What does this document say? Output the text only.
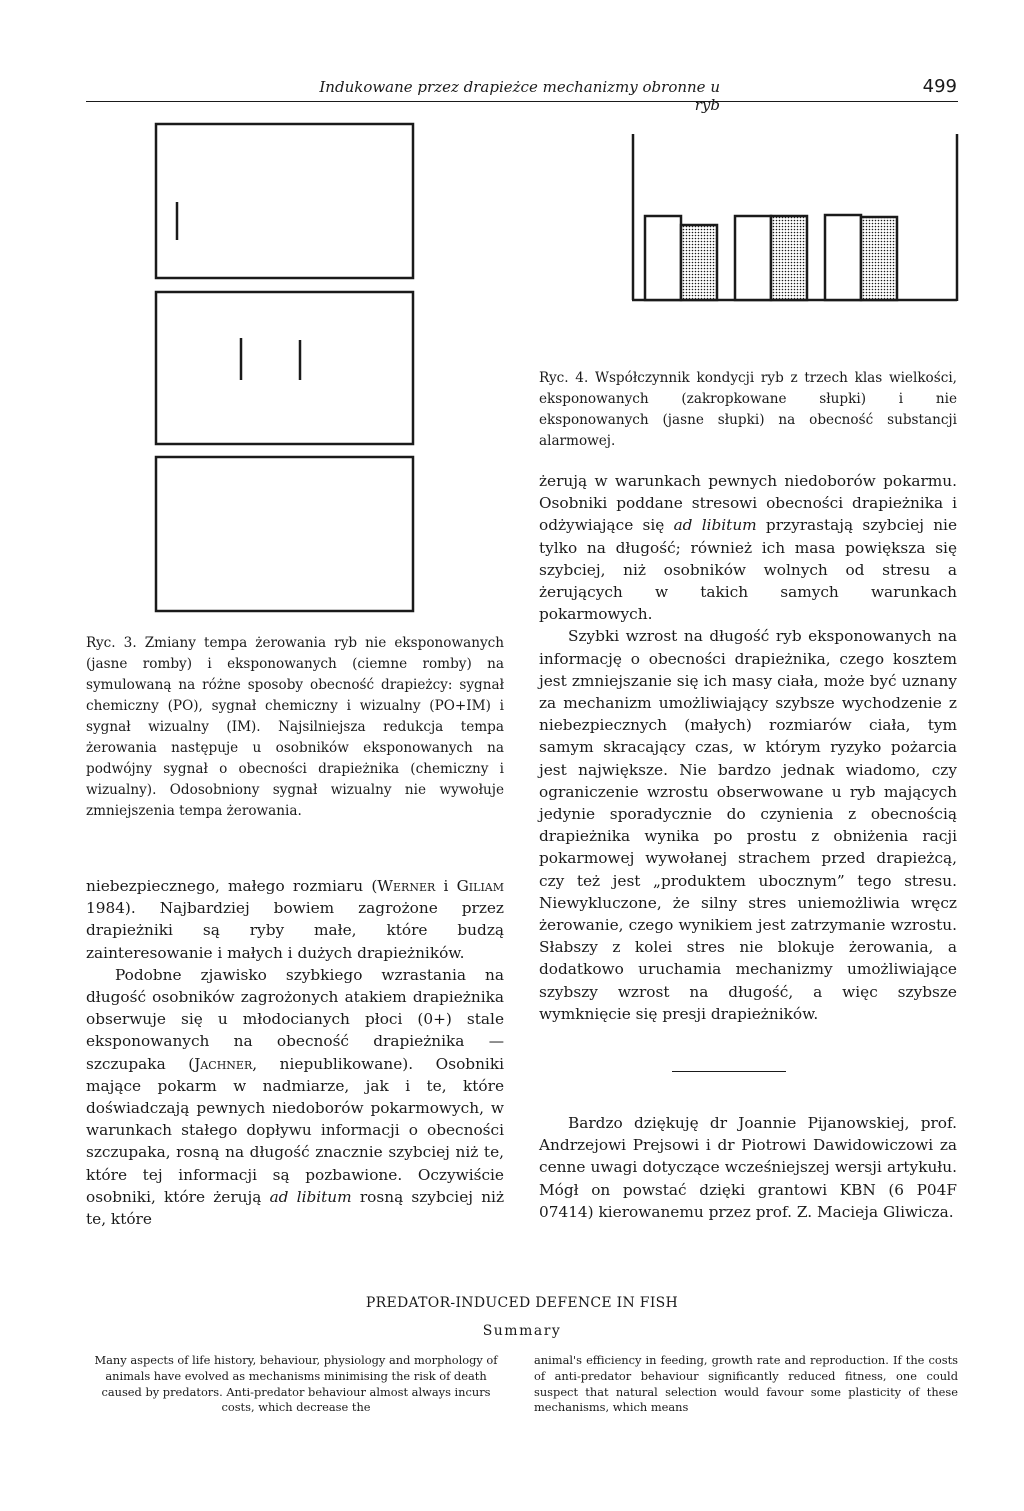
Indukowane przez drapieżce mechanizmy obronne u ryb
499

Ryc. 4. Współczynnik kondycji ryb z trzech klas wielkości, eksponowanych (zakropkowane słupki) i nie eksponowanych (jasne słupki) na obecność substancji alarmowej.

Ryc. 3. Zmiany tempa żerowania ryb nie eksponowanych (jasne romby) i eksponowanych (ciemne romby) na symulowaną na różne sposoby obecność drapieżcy: sygnał chemiczny (PO), sygnał chemiczny i wizualny (PO+IM) i sygnał wizualny (IM). Najsilniejsza redukcja tempa żerowania następuje u osobników eksponowanych na podwójny sygnał o obecności drapieżnika (chemiczny i wizualny). Odosobniony sygnał wizualny nie wywołuje zmniejszenia tempa żerowania.

niebezpiecznego, małego rozmiaru (Werner i Giliam 1984). Najbardziej bowiem zagrożone przez drapieżniki są ryby małe, które budzą zainteresowanie i małych i dużych drapieżników.

Podobne zjawisko szybkiego wzrastania na długość osobników zagrożonych atakiem drapieżnika obserwuje się u młodocianych płoci (0+) stale eksponowanych na obecność drapieżnika — szczupaka (Jachner, niepublikowane). Osobniki mające pokarm w nadmiarze, jak i te, które doświadczają pewnych niedoborów pokarmowych, w warunkach stałego dopływu informacji o obecności szczupaka, rosną na długość znacznie szybciej niż te, które tej informacji są pozbawione. Oczywiście osobniki, które żerują ad libitum rosną szybciej niż te, które

żerują w warunkach pewnych niedoborów pokarmu. Osobniki poddane stresowi obecności drapieżnika i odżywiające się ad libitum przyrastają szybciej nie tylko na długość; również ich masa powiększa się szybciej, niż osobników wolnych od stresu a żerujących w takich samych warunkach pokarmowych.

Szybki wzrost na długość ryb eksponowanych na informację o obecności drapieżnika, czego kosztem jest zmniejszanie się ich masy ciała, może być uznany za mechanizm umożliwiający szybsze wychodzenie z niebezpiecznych (małych) rozmiarów ciała, tym samym skracający czas, w którym ryzyko pożarcia jest największe. Nie bardzo jednak wiadomo, czy ograniczenie wzrostu obserwowane u ryb mających jedynie sporadycznie do czynienia z obecnością drapieżnika wynika po prostu z obniżenia racji pokarmowej wywołanej strachem przed drapieżcą, czy też jest „produktem ubocznym” tego stresu. Niewykluczone, że silny stres uniemożliwia wręcz żerowanie, czego wynikiem jest zatrzymanie wzrostu. Słabszy z kolei stres nie blokuje żerowania, a dodatkowo uruchamia mechanizmy umożliwiające szybszy wzrost na długość, a więc szybsze wymknięcie się presji drapieżników.

Bardzo dziękuję dr Joannie Pijanowskiej, prof. Andrzejowi Prejsowi i dr Piotrowi Dawidowiczowi za cenne uwagi dotyczące wcześniejszej wersji artykułu. Mógł on powstać dzięki grantowi KBN (6 P04F 07414) kierowanemu przez prof. Z. Macieja Gliwicza.

PREDATOR-INDUCED DEFENCE IN FISH
Summary

Many aspects of life history, behaviour, physiology and morphology of animals have evolved as mechanisms minimising the risk of death caused by predators. Anti-predator behaviour almost always incurs costs, which decrease the

animal's efficiency in feeding, growth rate and reproduction. If the costs of anti-predator behaviour significantly reduced fitness, one could suspect that natural selection would favour some plasticity of these mechanisms, which means
